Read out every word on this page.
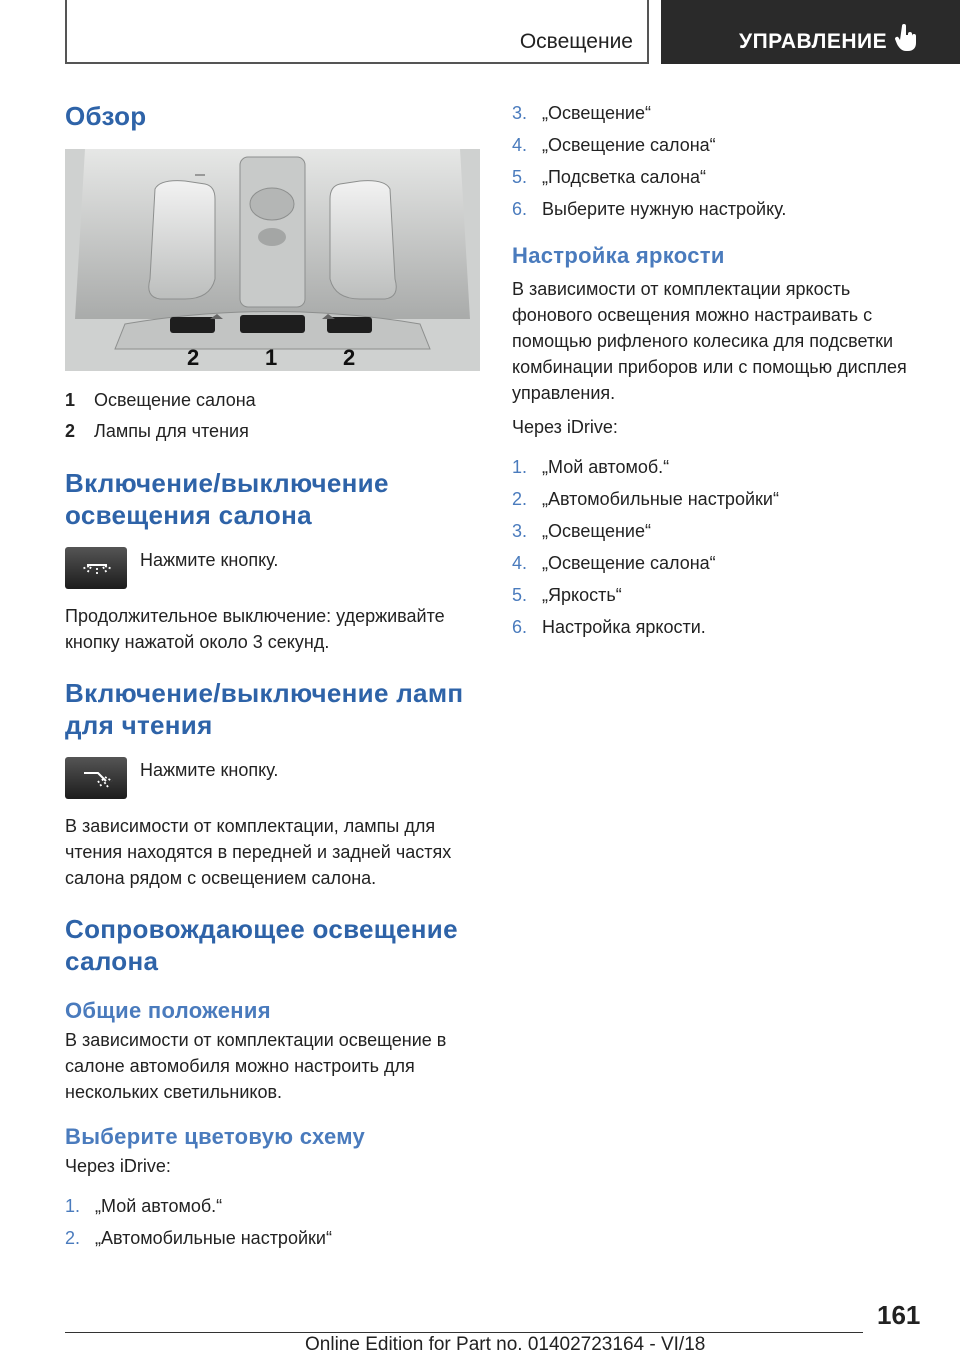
Освещение	УПРАВЛЕНИЕ
Обзор
2	1	2
1	Освещение салона
2	Лампы для чтения
Включение/выключение освещения салона

Нажмите кнопку.

Продолжительное выключение: удерживайте кнопку нажатой около 3 секунд.

Включение/выключение ламп для чтения

Нажмите кнопку.

В зависимости от комплектации, лампы для чтения находятся в передней и задней частях салона рядом с освещением салона.

Сопровождающее освещение салона
Общие положения

В зависимости от комплектации освещение в салоне автомобиля можно настроить для нескольких светильников.

Выберите цветовую схему

Через iDrive:

1. „Мой автомоб.“
2. „Автомобильные настройки“
3. „Освещение“
4. „Освещение салона“
5. „Подсветка салона“
6. Выберите нужную настройку.
Настройка яркости

В зависимости от комплектации яркость фонового освещения можно настраивать с помощью рифленого колесика для подсветки комбинации приборов или с помощью дисплея управления.

Через iDrive:

1. „Мой автомоб.“
2. „Автомобильные настройки“
3. „Освещение“
4. „Освещение салона“
5. „Яркость“
6. Настройка яркости.
161
Online Edition for Part no. 01402723164 - VI/18
